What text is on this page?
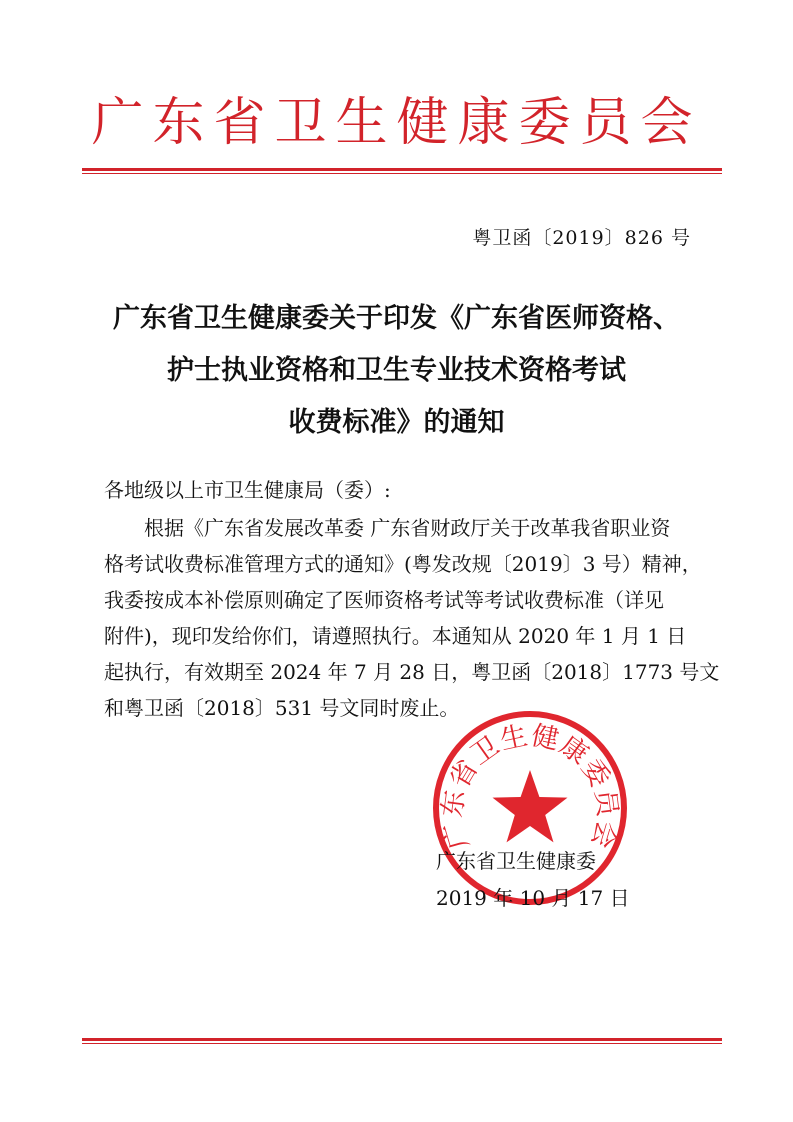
广东省卫生健康委员会
粤卫函〔2019〕826 号
广东省卫生健康委关于印发《广东省医师资格、
护士执业资格和卫生专业技术资格考试
收费标准》的通知
各地级以上市卫生健康局（委）:
根据《广东省发展改革委 广东省财政厅关于改革我省职业资
格考试收费标准管理方式的通知》(粤发改规〔2019〕3 号）精神，
我委按成本补偿原则确定了医师资格考试等考试收费标准（详见
附件)，现印发给你们，请遵照执行。本通知从 2020 年 1 月 1 日
起执行，有效期至 2024 年 7 月 28 日，粤卫函〔2018〕1773 号文
和粤卫函〔2018〕531 号文同时废止。
广东省卫生健康委员会
广东省卫生健康委
2019 年 10 月 17 日
